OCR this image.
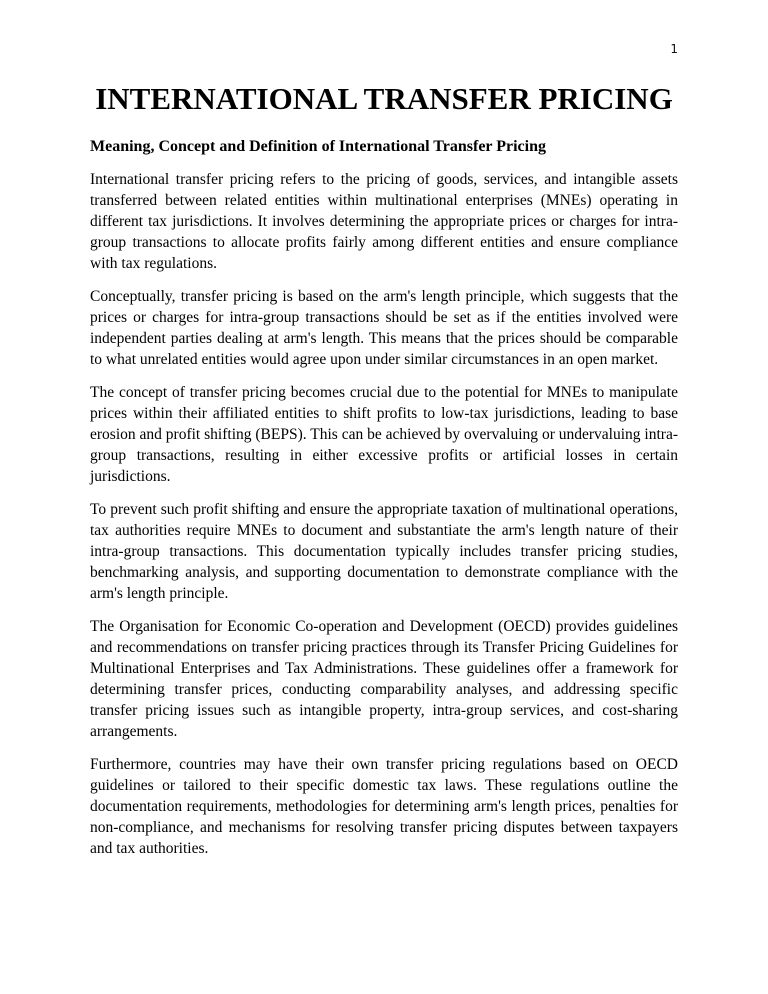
1
INTERNATIONAL TRANSFER PRICING
Meaning, Concept and Definition of International Transfer Pricing

International transfer pricing refers to the pricing of goods, services, and intangible assets transferred between related entities within multinational enterprises (MNEs) operating in different tax jurisdictions. It involves determining the appropriate prices or charges for intra-group transactions to allocate profits fairly among different entities and ensure compliance with tax regulations.

Conceptually, transfer pricing is based on the arm's length principle, which suggests that the prices or charges for intra-group transactions should be set as if the entities involved were independent parties dealing at arm's length. This means that the prices should be comparable to what unrelated entities would agree upon under similar circumstances in an open market.

The concept of transfer pricing becomes crucial due to the potential for MNEs to manipulate prices within their affiliated entities to shift profits to low-tax jurisdictions, leading to base erosion and profit shifting (BEPS). This can be achieved by overvaluing or undervaluing intra-group transactions, resulting in either excessive profits or artificial losses in certain jurisdictions.

To prevent such profit shifting and ensure the appropriate taxation of multinational operations, tax authorities require MNEs to document and substantiate the arm's length nature of their intra-group transactions. This documentation typically includes transfer pricing studies, benchmarking analysis, and supporting documentation to demonstrate compliance with the arm's length principle.

The Organisation for Economic Co-operation and Development (OECD) provides guidelines and recommendations on transfer pricing practices through its Transfer Pricing Guidelines for Multinational Enterprises and Tax Administrations. These guidelines offer a framework for determining transfer prices, conducting comparability analyses, and addressing specific transfer pricing issues such as intangible property, intra-group services, and cost-sharing arrangements.

Furthermore, countries may have their own transfer pricing regulations based on OECD guidelines or tailored to their specific domestic tax laws. These regulations outline the documentation requirements, methodologies for determining arm's length prices, penalties for non-compliance, and mechanisms for resolving transfer pricing disputes between taxpayers and tax authorities.
